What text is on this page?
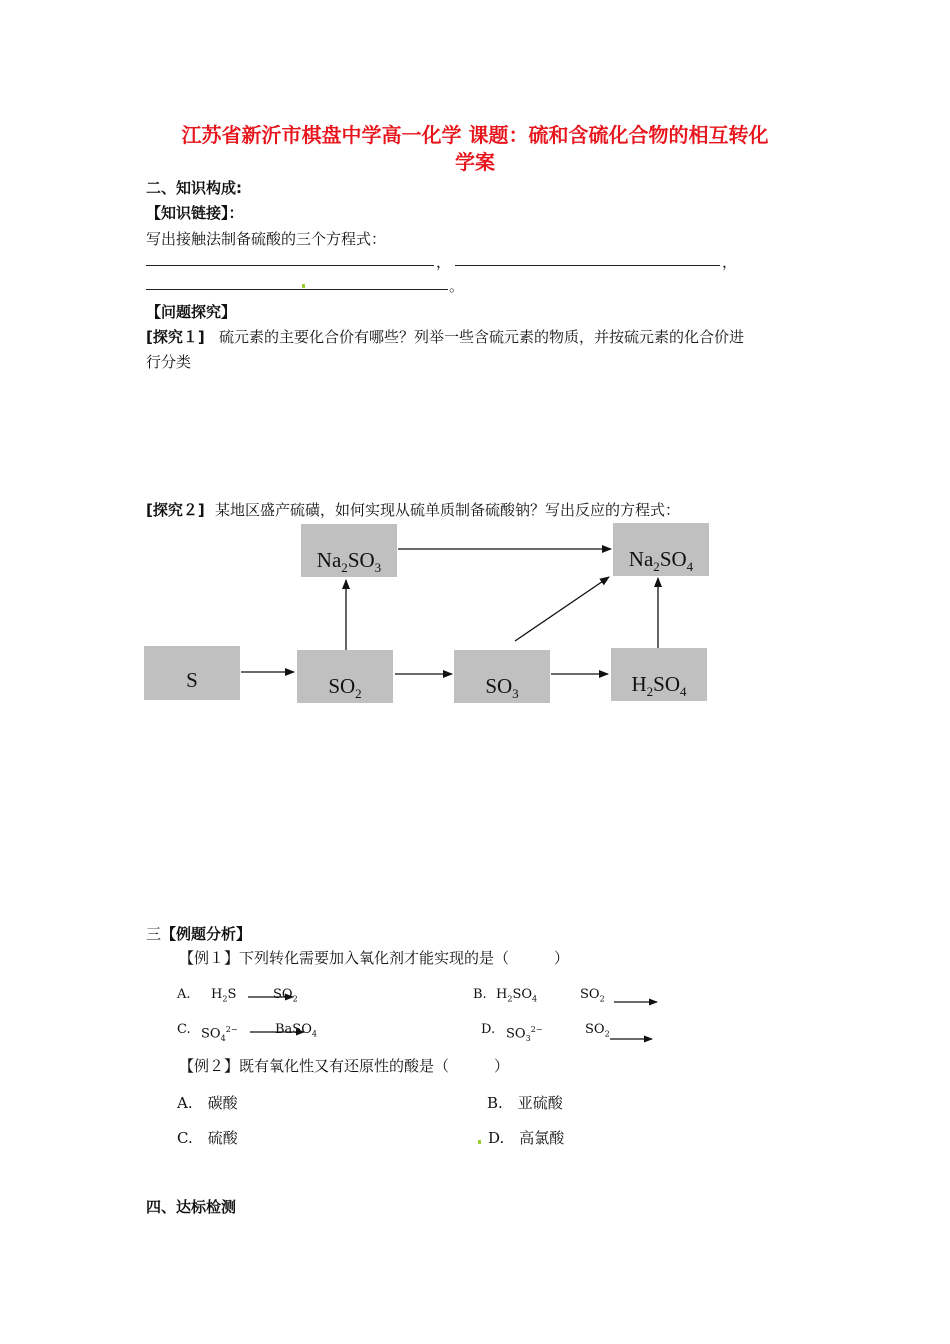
江苏省新沂市棋盘中学高一化学 课题：硫和含硫化合物的相互转化
学案
二、知识构成:
【知识链接】：
写出接触法制备硫酸的三个方程式：
，	，
。
【问题探究】
[探究１] 硫元素的主要化合价有哪些？列举一些含硫元素的物质，并按硫元素的化合价进
行分类
[探究２] 某地区盛产硫磺，如何实现从硫单质制备硫酸钠？写出反应的方程式：
S	$SO_2$	$SO_3$	$H_2SO_4$
$Na_2SO_3$	$Na_2SO_4$
三【例题分析】
【例１】下列转化需要加入氧化剂才能实现的是（　　　）
A. $H_2S$	$SO_2$	B. $H_2SO_4$	$SO_2$
C. $SO_4^{2-}$	BaSO$_4$	D. $SO_3^{2-}$	$SO_2$
【例２】既有氧化性又有还原性的酸是（　　　）
A.　碳酸	B.　亚硫酸
C.　硫酸	D.　高氯酸
四、达标检测
